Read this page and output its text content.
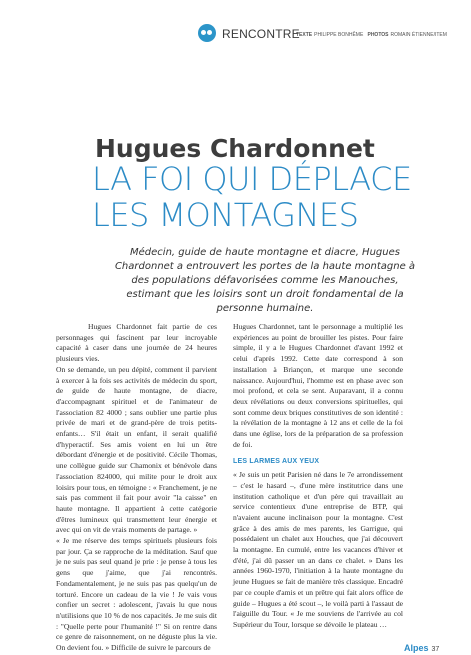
RENCONTRE
TEXTE PHILIPPE BONHÊME PHOTOS ROMAIN ÉTIENNE/ITEM
Hugues Chardonnet
LA FOI QUI DÉPLACE
LES MONTAGNES

Médecin, guide de haute montagne et diacre, Hugues Chardonnet a entrouvert les portes de la haute montagne à des populations défavorisées comme les Manouches, estimant que les loisirs sont un droit fondamental de la personne humaine.

Hugues Chardonnet fait partie de ces personnages qui fascinent par leur incroyable capacité à caser dans une journée de 24 heures plusieurs vies.

On se demande, un peu dépité, comment il parvient à exercer à la fois ses activités de médecin du sport, de guide de haute montagne, de diacre, d'accompagnant spirituel et de l'animateur de l'association 82 4000 ; sans oublier une partie plus privée de mari et de grand-père de trois petits-enfants… S'il était un enfant, il serait qualifié d'hyperactif. Ses amis voient en lui un être débordant d'énergie et de positivité. Cécile Thomas, une collègue guide sur Chamonix et bénévole dans l'association 824000, qui milite pour le droit aux loisirs pour tous, en témoigne : « Franchement, je ne sais pas comment il fait pour avoir "la caisse" en haute montagne. Il appartient à cette catégorie d'êtres lumineux qui transmettent leur énergie et avec qui on vit de vrais moments de partage. »

« Je me réserve des temps spirituels plusieurs fois par jour. Ça se rapproche de la méditation. Sauf que je ne suis pas seul quand je prie : je pense à tous les gens que j'aime, que j'ai rencontrés. Fondamentalement, je ne suis pas pas quelqu'un de torturé. Encore un cadeau de la vie ! Je vais vous confier un secret : adolescent, j'avais lu que nous n'utilisions que 10 % de nos capacités. Je me suis dit : "Quelle perte pour l'humanité !" Si on rentre dans ce genre de raisonnement, on ne déguste plus la vie. On devient fou. » Difficile de suivre le parcours de

Hugues Chardonnet, tant le personnage a multiplié les expériences au point de brouiller les pistes. Pour faire simple, il y a le Hugues Chardonnet d'avant 1992 et celui d'après 1992. Cette date correspond à son installation à Briançon, et marque une seconde naissance. Aujourd'hui, l'homme est en phase avec son moi profond, et cela se sent. Auparavant, il a connu deux révélations ou deux conversions spirituelles, qui sont comme deux briques constitutives de son identité : la révélation de la montagne à 12 ans et celle de la foi dans une église, lors de la préparation de sa profession de foi.

LES LARMES AUX YEUX

« Je suis un petit Parisien né dans le 7e arrondissement – c'est le hasard –, d'une mère institutrice dans une institution catholique et d'un père qui travaillait au service contentieux d'une entreprise de BTP, qui n'avaient aucune inclinaison pour la montagne. C'est grâce à des amis de mes parents, les Garrigue, qui possédaient un chalet aux Houches, que j'ai découvert la montagne. En cumulé, entre les vacances d'hiver et d'été, j'ai dû passer un an dans ce chalet. » Dans les années 1960-1970, l'initiation à la haute montagne du jeune Hugues se fait de manière très classique. Encadré par ce couple d'amis et un prêtre qui fait alors office de guide – Hugues a été scout –, le voilà parti à l'assaut de l'aiguille du Tour. « Je me souviens de l'arrivée au col Supérieur du Tour, lorsque se dévoile le plateau …

Alpes 37
